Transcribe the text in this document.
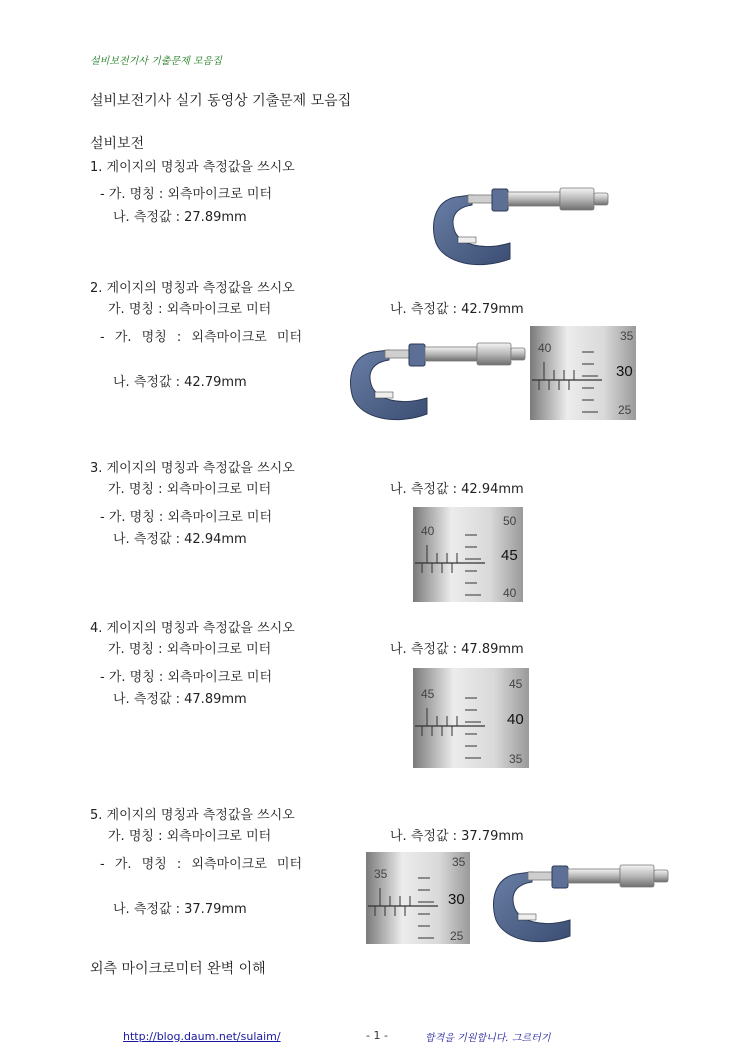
설비보전기사 기출문제 모음집
설비보전기사 실기 동영상 기출문제 모음집
설비보전
1. 게이지의 명칭과 측정값을 쓰시오
- 가. 명칭 : 외측마이크로 미터
나. 측정값 : 27.89mm
2. 게이지의 명칭과 측정값을 쓰시오
가. 명칭 : 외측마이크로 미터	나. 측정값 : 42.79mm
- 가. 명칭 : 외측마이크로 미터
나. 측정값 : 42.79mm
40
35
30
25
3. 게이지의 명칭과 측정값을 쓰시오
가. 명칭 : 외측마이크로 미터	나. 측정값 : 42.94mm
- 가. 명칭 : 외측마이크로 미터
나. 측정값 : 42.94mm
40
50
45
40
4. 게이지의 명칭과 측정값을 쓰시오
가. 명칭 : 외측마이크로 미터	나. 측정값 : 47.89mm
- 가. 명칭 : 외측마이크로 미터
나. 측정값 : 47.89mm	45
45
40
35
5. 게이지의 명칭과 측정값을 쓰시오
가. 명칭 : 외측마이크로 미터	나. 측정값 : 37.79mm
- 가. 명칭 : 외측마이크로 미터
나. 측정값 : 37.79mm
35
35
30
25
외측 마이크로미터 완벽 이해
http://blog.daum.net/sulaim/	- 1 -	합격을 기원합니다. 그르터기
